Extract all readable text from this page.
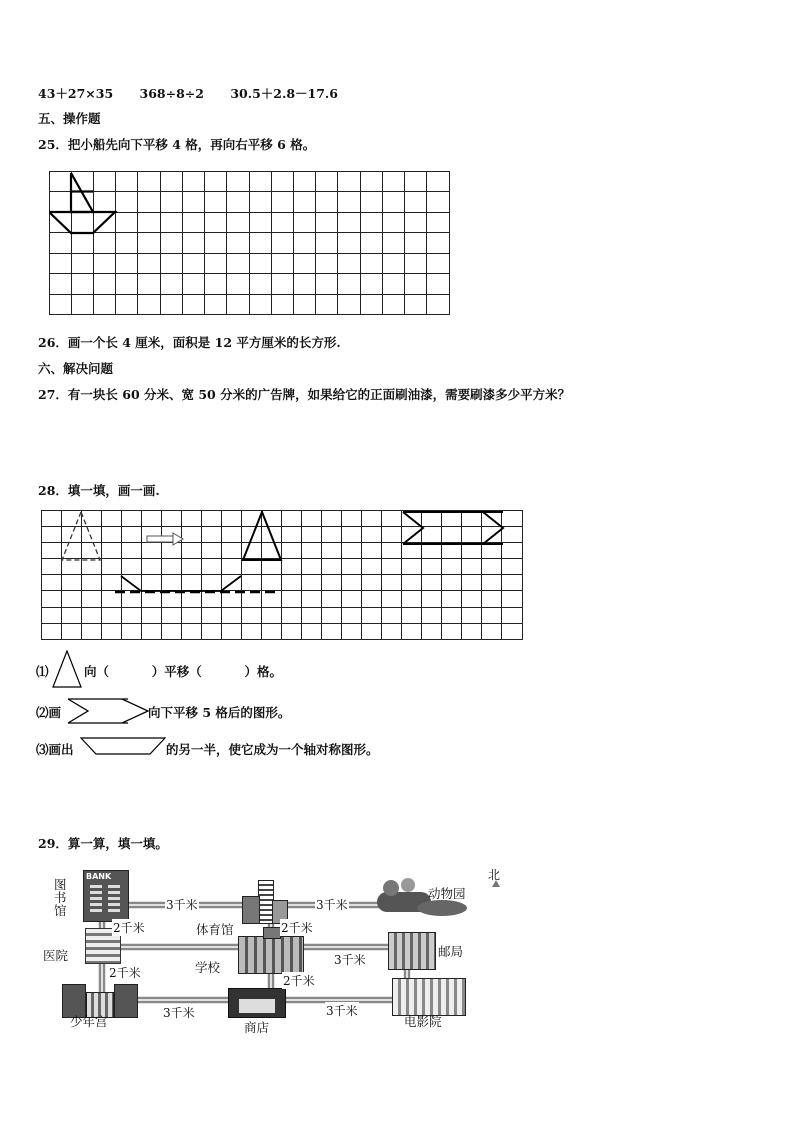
43＋27×35 368÷8÷2 30.5＋2.8－17.6
五、操作题
25．把小船先向下平移 4 格，再向右平移 6 格。
26．画一个长 4 厘米，面积是 12 平方厘米的长方形.
六、解决问题
27．有一块长 60 分米、宽 50 分米的广告牌，如果给它的正面刷油漆，需要刷漆多少平方米？
28．填一填，画一画.
⑴	向（	）平移（	）格。
⑵画	向下平移 5 格后的图形。
⑶画出	的另一半，使它成为一个轴对称图形。
29．算一算，填一填。
BANK	北
图书馆
体育馆
动物园
医院
学校
邮局
少年宫	商店	电影院
3千米	3千米
2千米	2千米
3千米
2千米
2千米
3千米	3千米
